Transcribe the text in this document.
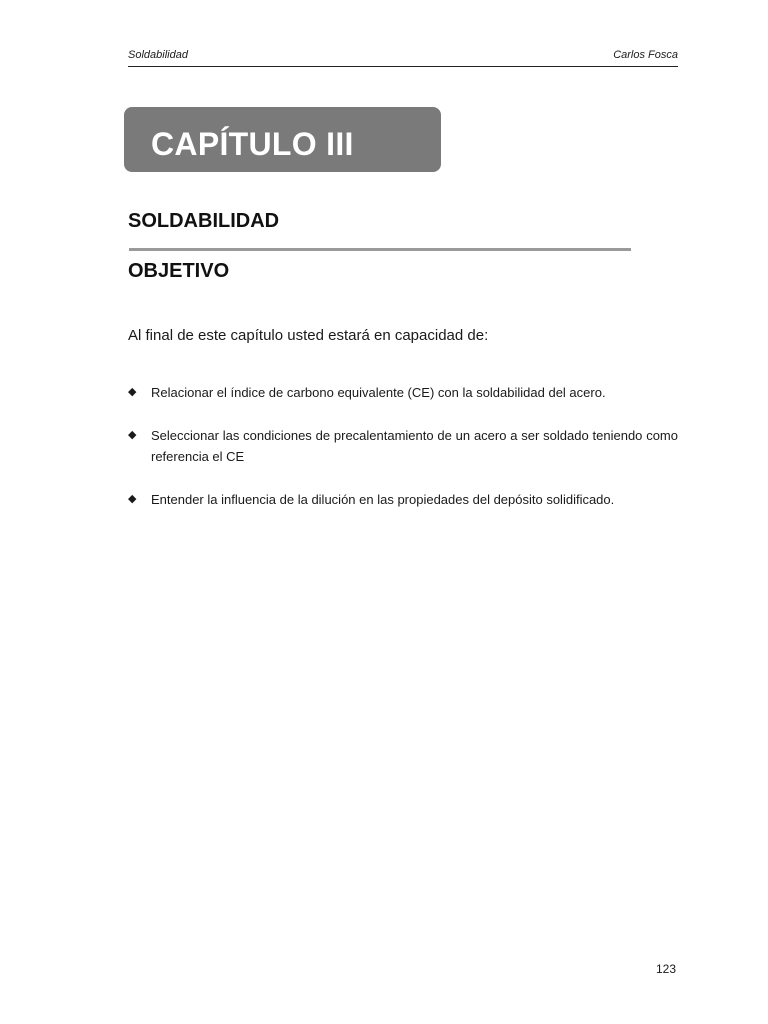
Soldabilidad	Carlos Fosca
CAPÍTULO III
SOLDABILIDAD
OBJETIVO
Al final de este capítulo usted estará en capacidad de:
◆ Relacionar el índice de carbono equivalente (CE) con la soldabilidad del acero.
◆ Seleccionar las condiciones de precalentamiento de un acero a ser soldado teniendo como referencia el CE
◆ Entender la influencia de la dilución en las propiedades del depósito solidificado.
123
